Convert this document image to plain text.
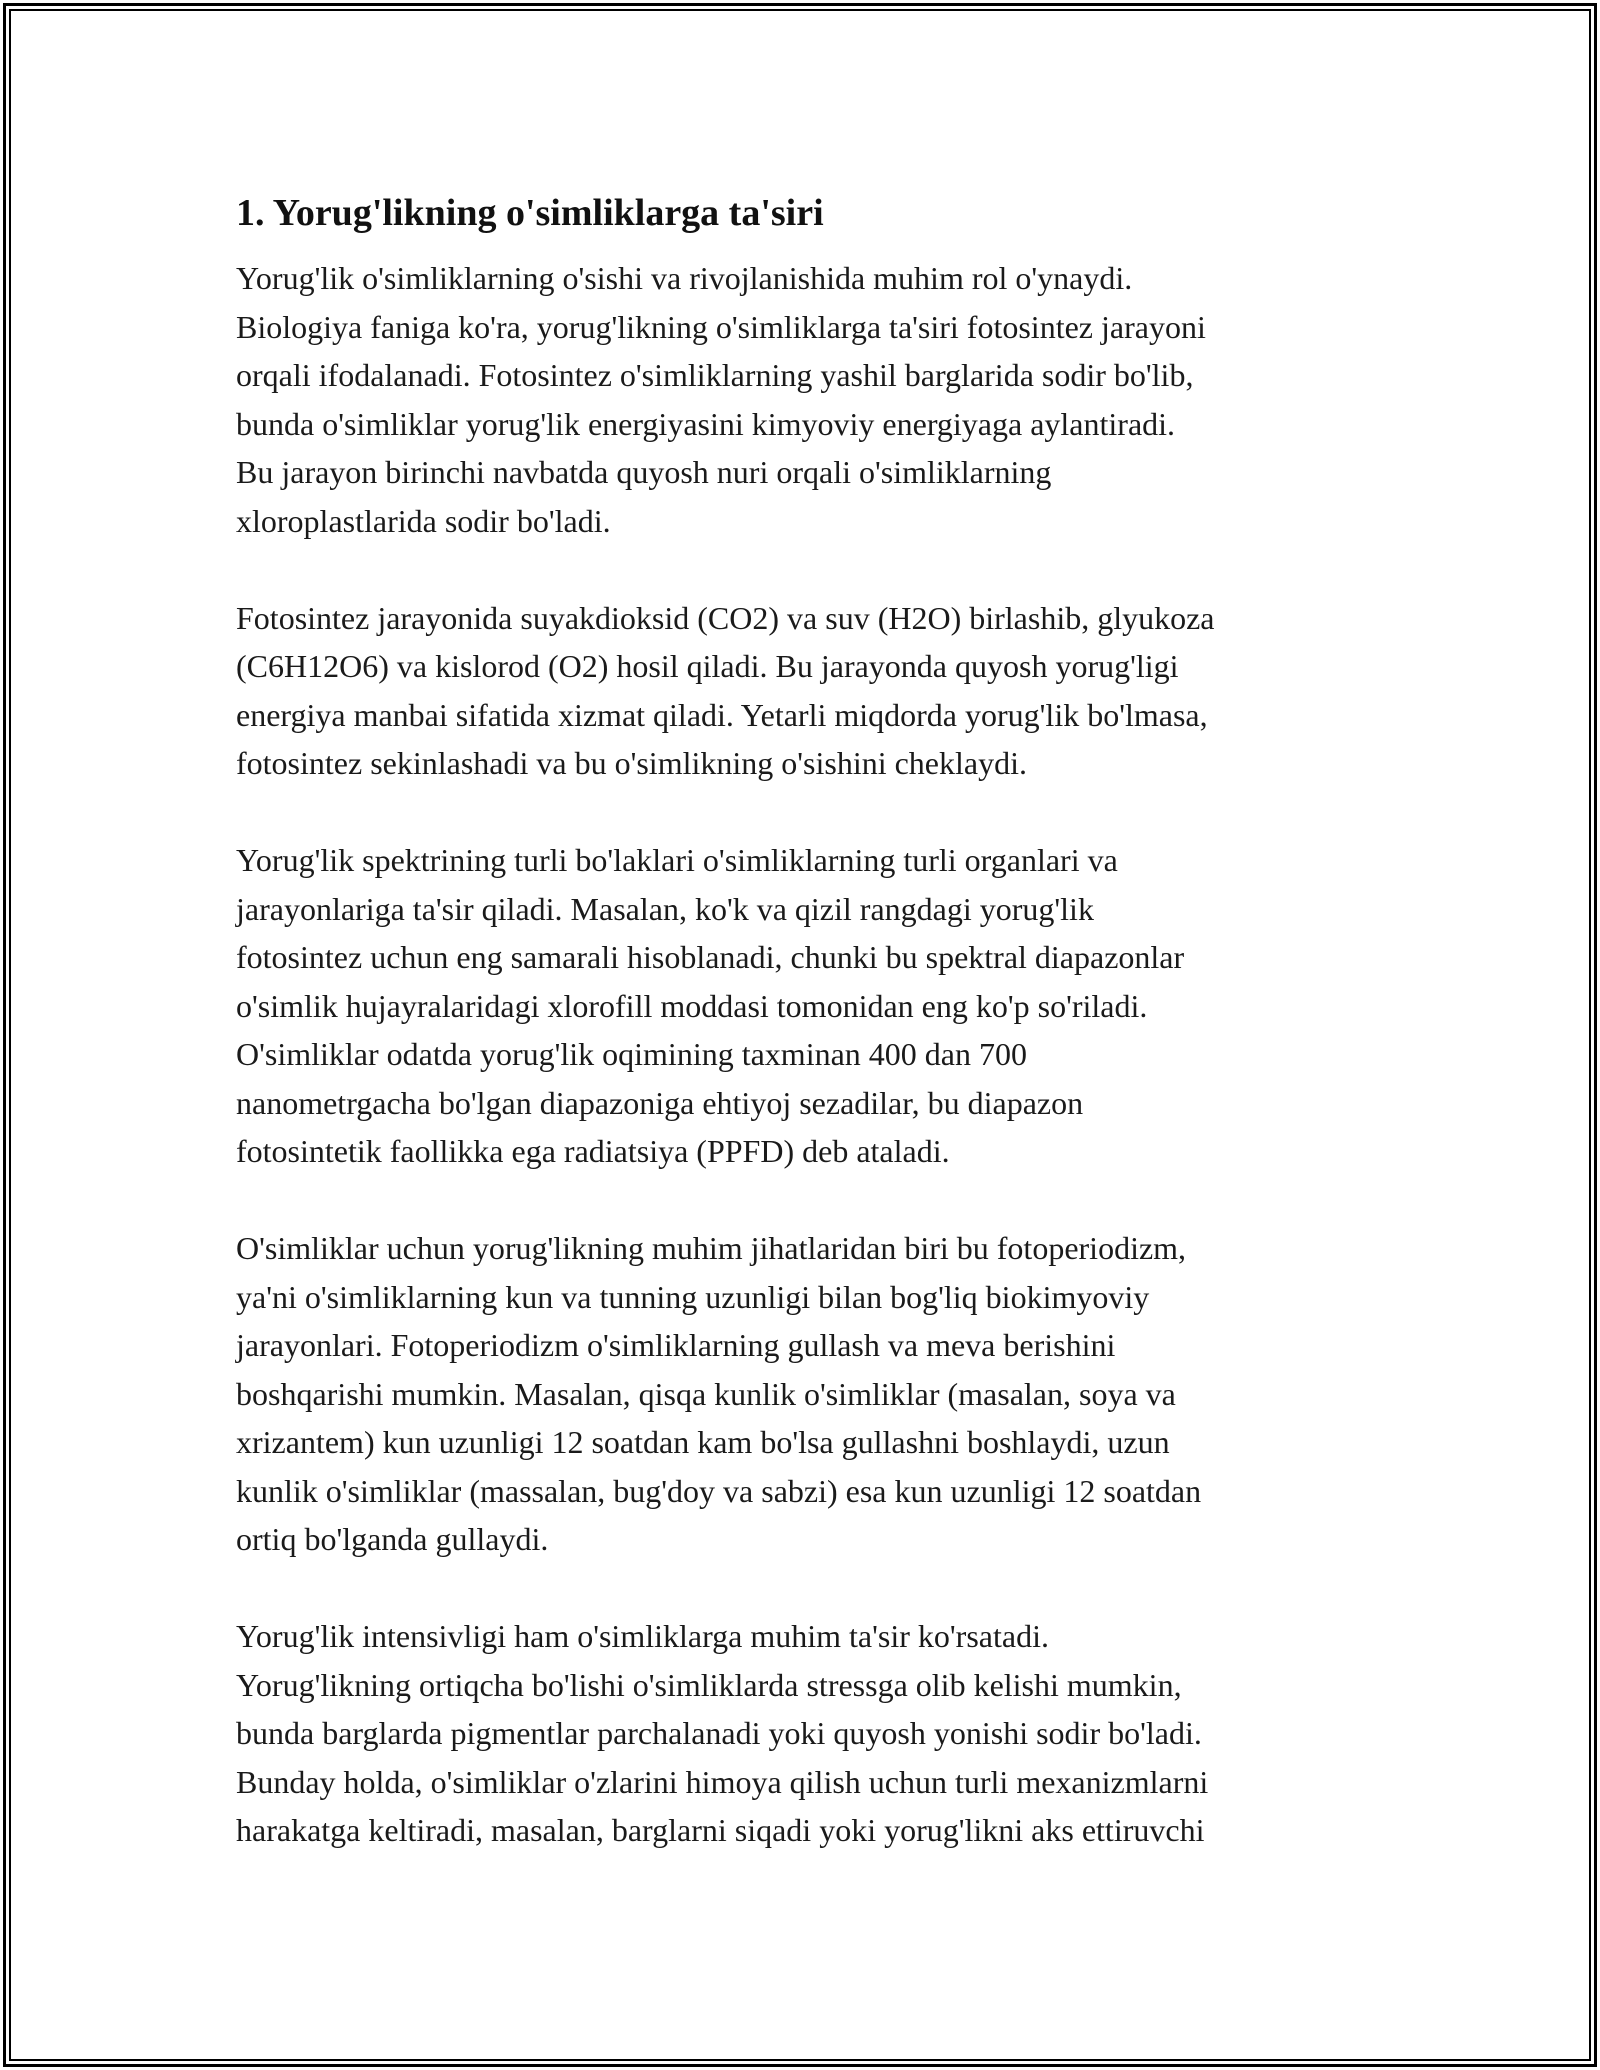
1. Yorug'likning o'simliklarga ta'siri

Yorug'lik o'simliklarning o'sishi va rivojlanishida muhim rol o'ynaydi.
Biologiya faniga ko'ra, yorug'likning o'simliklarga ta'siri fotosintez jarayoni
orqali ifodalanadi. Fotosintez o'simliklarning yashil barglarida sodir bo'lib,
bunda o'simliklar yorug'lik energiyasini kimyoviy energiyaga aylantiradi.
Bu jarayon birinchi navbatda quyosh nuri orqali o'simliklarning
xloroplastlarida sodir bo'ladi.

Fotosintez jarayonida suyakdioksid (CO2) va suv (H2O) birlashib, glyukoza
(C6H12O6) va kislorod (O2) hosil qiladi. Bu jarayonda quyosh yorug'ligi
energiya manbai sifatida xizmat qiladi. Yetarli miqdorda yorug'lik bo'lmasa,
fotosintez sekinlashadi va bu o'simlikning o'sishini cheklaydi.

Yorug'lik spektrining turli bo'laklari o'simliklarning turli organlari va
jarayonlariga ta'sir qiladi. Masalan, ko'k va qizil rangdagi yorug'lik
fotosintez uchun eng samarali hisoblanadi, chunki bu spektral diapazonlar
o'simlik hujayralaridagi xlorofill moddasi tomonidan eng ko'p so'riladi.
O'simliklar odatda yorug'lik oqimining taxminan 400 dan 700
nanometrgacha bo'lgan diapazoniga ehtiyoj sezadilar, bu diapazon
fotosintetik faollikka ega radiatsiya (PPFD) deb ataladi.

O'simliklar uchun yorug'likning muhim jihatlaridan biri bu fotoperiodizm,
ya'ni o'simliklarning kun va tunning uzunligi bilan bog'liq biokimyoviy
jarayonlari. Fotoperiodizm o'simliklarning gullash va meva berishini
boshqarishi mumkin. Masalan, qisqa kunlik o'simliklar (masalan, soya va
xrizantem) kun uzunligi 12 soatdan kam bo'lsa gullashni boshlaydi, uzun
kunlik o'simliklar (massalan, bug'doy va sabzi) esa kun uzunligi 12 soatdan
ortiq bo'lganda gullaydi.

Yorug'lik intensivligi ham o'simliklarga muhim ta'sir ko'rsatadi.
Yorug'likning ortiqcha bo'lishi o'simliklarda stressga olib kelishi mumkin,
bunda barglarda pigmentlar parchalanadi yoki quyosh yonishi sodir bo'ladi.
Bunday holda, o'simliklar o'zlarini himoya qilish uchun turli mexanizmlarni
harakatga keltiradi, masalan, barglarni siqadi yoki yorug'likni aks ettiruvchi
